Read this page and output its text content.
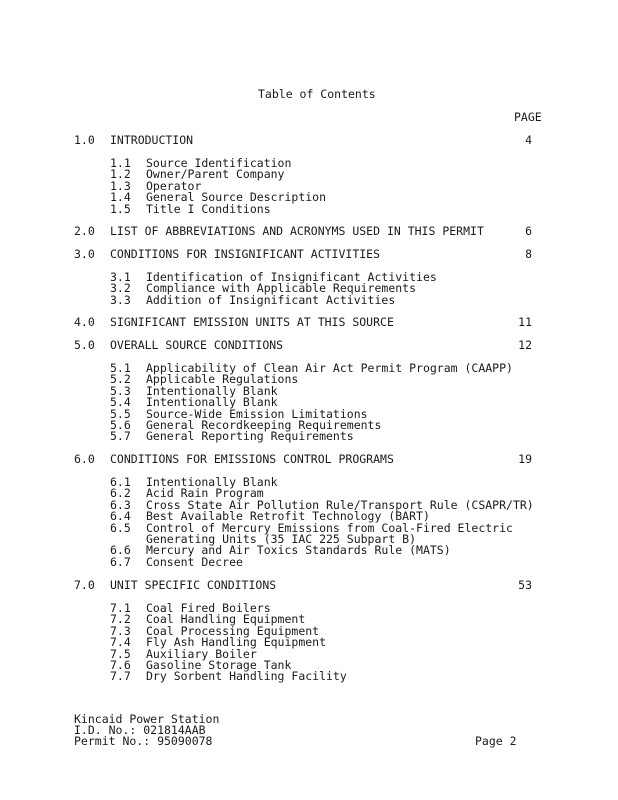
Table of Contents
PAGE
1.0 INTRODUCTION	4
1.1 Source Identification
1.2 Owner/Parent Company
1.3 Operator
1.4 General Source Description
1.5 Title I Conditions
2.0 LIST OF ABBREVIATIONS AND ACRONYMS USED IN THIS PERMIT	6
3.0 CONDITIONS FOR INSIGNIFICANT ACTIVITIES	8
3.1 Identification of Insignificant Activities
3.2 Compliance with Applicable Requirements
3.3 Addition of Insignificant Activities
4.0 SIGNIFICANT EMISSION UNITS AT THIS SOURCE	11
5.0 OVERALL SOURCE CONDITIONS	12
5.1 Applicability of Clean Air Act Permit Program (CAAPP)
5.2 Applicable Regulations
5.3 Intentionally Blank
5.4 Intentionally Blank
5.5 Source-Wide Emission Limitations
5.6 General Recordkeeping Requirements
5.7 General Reporting Requirements
6.0 CONDITIONS FOR EMISSIONS CONTROL PROGRAMS	19
6.1 Intentionally Blank
6.2 Acid Rain Program
6.3 Cross State Air Pollution Rule/Transport Rule (CSAPR/TR)
6.4 Best Available Retrofit Technology (BART)
6.5 Control of Mercury Emissions from Coal-Fired Electric
Generating Units (35 IAC 225 Subpart B)
6.6 Mercury and Air Toxics Standards Rule (MATS)
6.7 Consent Decree
7.0 UNIT SPECIFIC CONDITIONS	53
7.1 Coal Fired Boilers
7.2 Coal Handling Equipment
7.3 Coal Processing Equipment
7.4 Fly Ash Handling Equipment
7.5 Auxiliary Boiler
7.6 Gasoline Storage Tank
7.7 Dry Sorbent Handling Facility
Kincaid Power Station
I.D. No.: 021814AAB
Permit No.: 95090078	Page 2
